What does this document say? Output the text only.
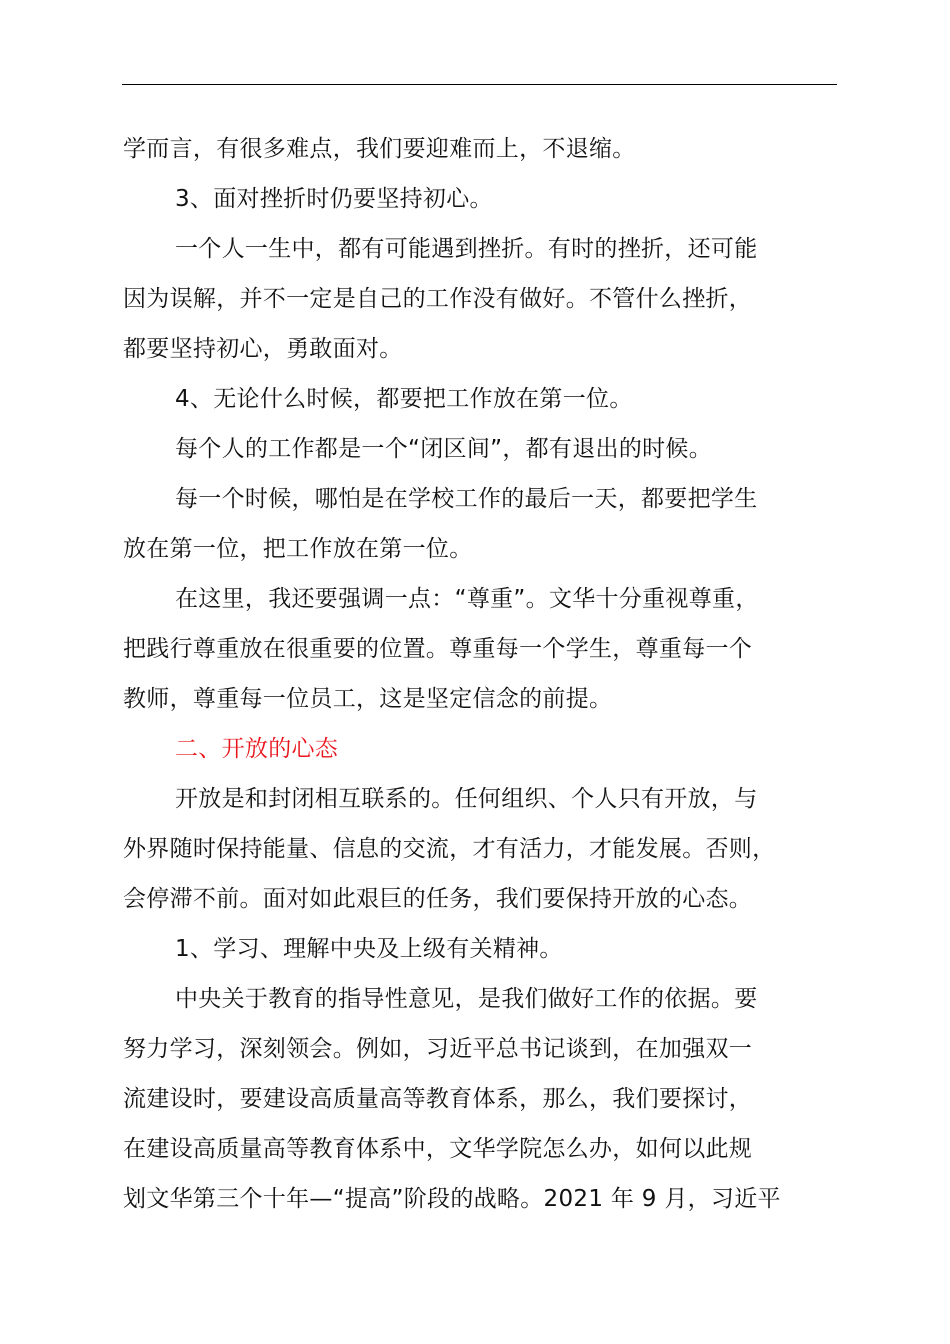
学而言，有很多难点，我们要迎难而上，不退缩。
3、面对挫折时仍要坚持初心。
一个人一生中，都有可能遇到挫折。有时的挫折，还可能
因为误解，并不一定是自己的工作没有做好。不管什么挫折，
都要坚持初心，勇敢面对。
4、无论什么时候，都要把工作放在第一位。
每个人的工作都是一个“闭区间”，都有退出的时候。
每一个时候，哪怕是在学校工作的最后一天，都要把学生
放在第一位，把工作放在第一位。
在这里，我还要强调一点：“尊重”。文华十分重视尊重，
把践行尊重放在很重要的位置。尊重每一个学生，尊重每一个
教师，尊重每一位员工，这是坚定信念的前提。
二、开放的心态
开放是和封闭相互联系的。任何组织、个人只有开放，与
外界随时保持能量、信息的交流，才有活力，才能发展。否则，
会停滞不前。面对如此艰巨的任务，我们要保持开放的心态。
1、学习、理解中央及上级有关精神。
中央关于教育的指导性意见，是我们做好工作的依据。要
努力学习，深刻领会。例如，习近平总书记谈到，在加强双一
流建设时，要建设高质量高等教育体系，那么，我们要探讨，
在建设高质量高等教育体系中，文华学院怎么办，如何以此规
划文华第三个十年—“提高”阶段的战略。2021 年 9 月，习近平
